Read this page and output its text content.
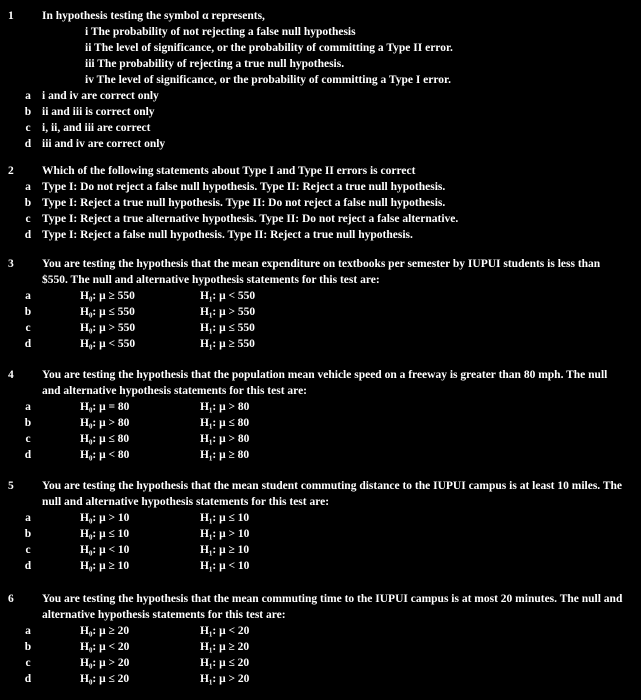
1	In hypothesis testing the symbol α represents,
i The probability of not rejecting a false null hypothesis
ii The level of significance, or the probability of committing a Type II error.
iii The probability of rejecting a true null hypothesis.
iv The level of significance, or the probability of committing a Type I error.
a i and iv are correct only
b ii and iii is correct only
c i, ii, and iii are correct
d iii and iv are correct only
2	Which of the following statements about Type I and Type II errors is correct
a Type I: Do not reject a false null hypothesis. Type II: Reject a true null hypothesis.
b Type I: Reject a true null hypothesis. Type II: Do not reject a false null hypothesis.
c Type I: Reject a true alternative hypothesis. Type II: Do not reject a false alternative.
d Type I: Reject a false null hypothesis. Type II: Reject a true null hypothesis.
3	You are testing the hypothesis that the mean expenditure on textbooks per semester by IUPUI students is less than $550. The null and alternative hypothesis statements for this test are:
a	H₀: μ ≥ 550	H₁: μ < 550
b	H₀: μ ≤ 550	H₁: μ > 550
c	H₀: μ > 550	H₁: μ ≤ 550
d	H₀: μ < 550	H₁: μ ≥ 550
4	You are testing the hypothesis that the population mean vehicle speed on a freeway is greater than 80 mph. The null and alternative hypothesis statements for this test are:
a	H₀: μ = 80	H₁: μ > 80
b	H₀: μ > 80	H₁: μ ≤ 80
c	H₀: μ ≤ 80	H₁: μ > 80
d	H₀: μ < 80	H₁: μ ≥ 80
5	You are testing the hypothesis that the mean student commuting distance to the IUPUI campus is at least 10 miles. The null and alternative hypothesis statements for this test are:
a	H₀: μ > 10	H₁: μ ≤ 10
b	H₀: μ ≤ 10	H₁: μ > 10
c	H₀: μ < 10	H₁: μ ≥ 10
d	H₀: μ ≥ 10	H₁: μ < 10
6	You are testing the hypothesis that the mean commuting time to the IUPUI campus is at most 20 minutes. The null and alternative hypothesis statements for this test are:
a	H₀: μ ≥ 20	H₁: μ < 20
b	H₀: μ < 20	H₁: μ ≥ 20
c	H₀: μ > 20	H₁: μ ≤ 20
d	H₀: μ ≤ 20	H₁: μ > 20
